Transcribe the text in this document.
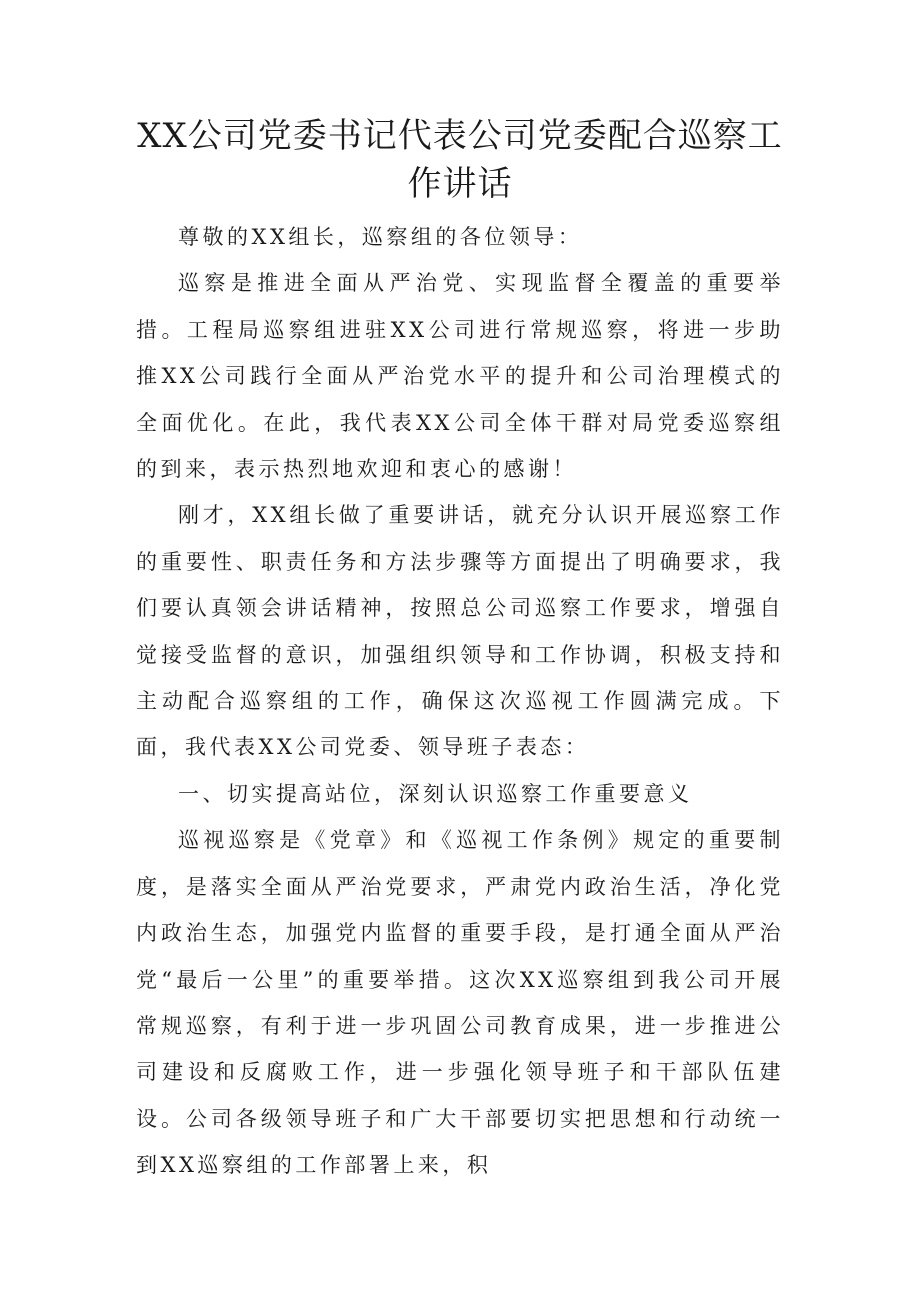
XX公司党委书记代表公司党委配合巡察工作讲话

尊敬的XX组长，巡察组的各位领导：

巡察是推进全面从严治党、实现监督全覆盖的重要举措。工程局巡察组进驻XX公司进行常规巡察，将进一步助推XX公司践行全面从严治党水平的提升和公司治理模式的全面优化。在此，我代表XX公司全体干群对局党委巡察组的到来，表示热烈地欢迎和衷心的感谢！

刚才，XX组长做了重要讲话，就充分认识开展巡察工作的重要性、职责任务和方法步骤等方面提出了明确要求，我们要认真领会讲话精神，按照总公司巡察工作要求，增强自觉接受监督的意识，加强组织领导和工作协调，积极支持和主动配合巡察组的工作，确保这次巡视工作圆满完成。下面，我代表XX公司党委、领导班子表态：

一、切实提高站位，深刻认识巡察工作重要意义

巡视巡察是《党章》和《巡视工作条例》规定的重要制度，是落实全面从严治党要求，严肃党内政治生活，净化党内政治生态，加强党内监督的重要手段，是打通全面从严治党“最后一公里”的重要举措。这次XX巡察组到我公司开展常规巡察，有利于进一步巩固公司教育成果，进一步推进公司建设和反腐败工作，进一步强化领导班子和干部队伍建设。公司各级领导班子和广大干部要切实把思想和行动统一到XX巡察组的工作部署上来，积
